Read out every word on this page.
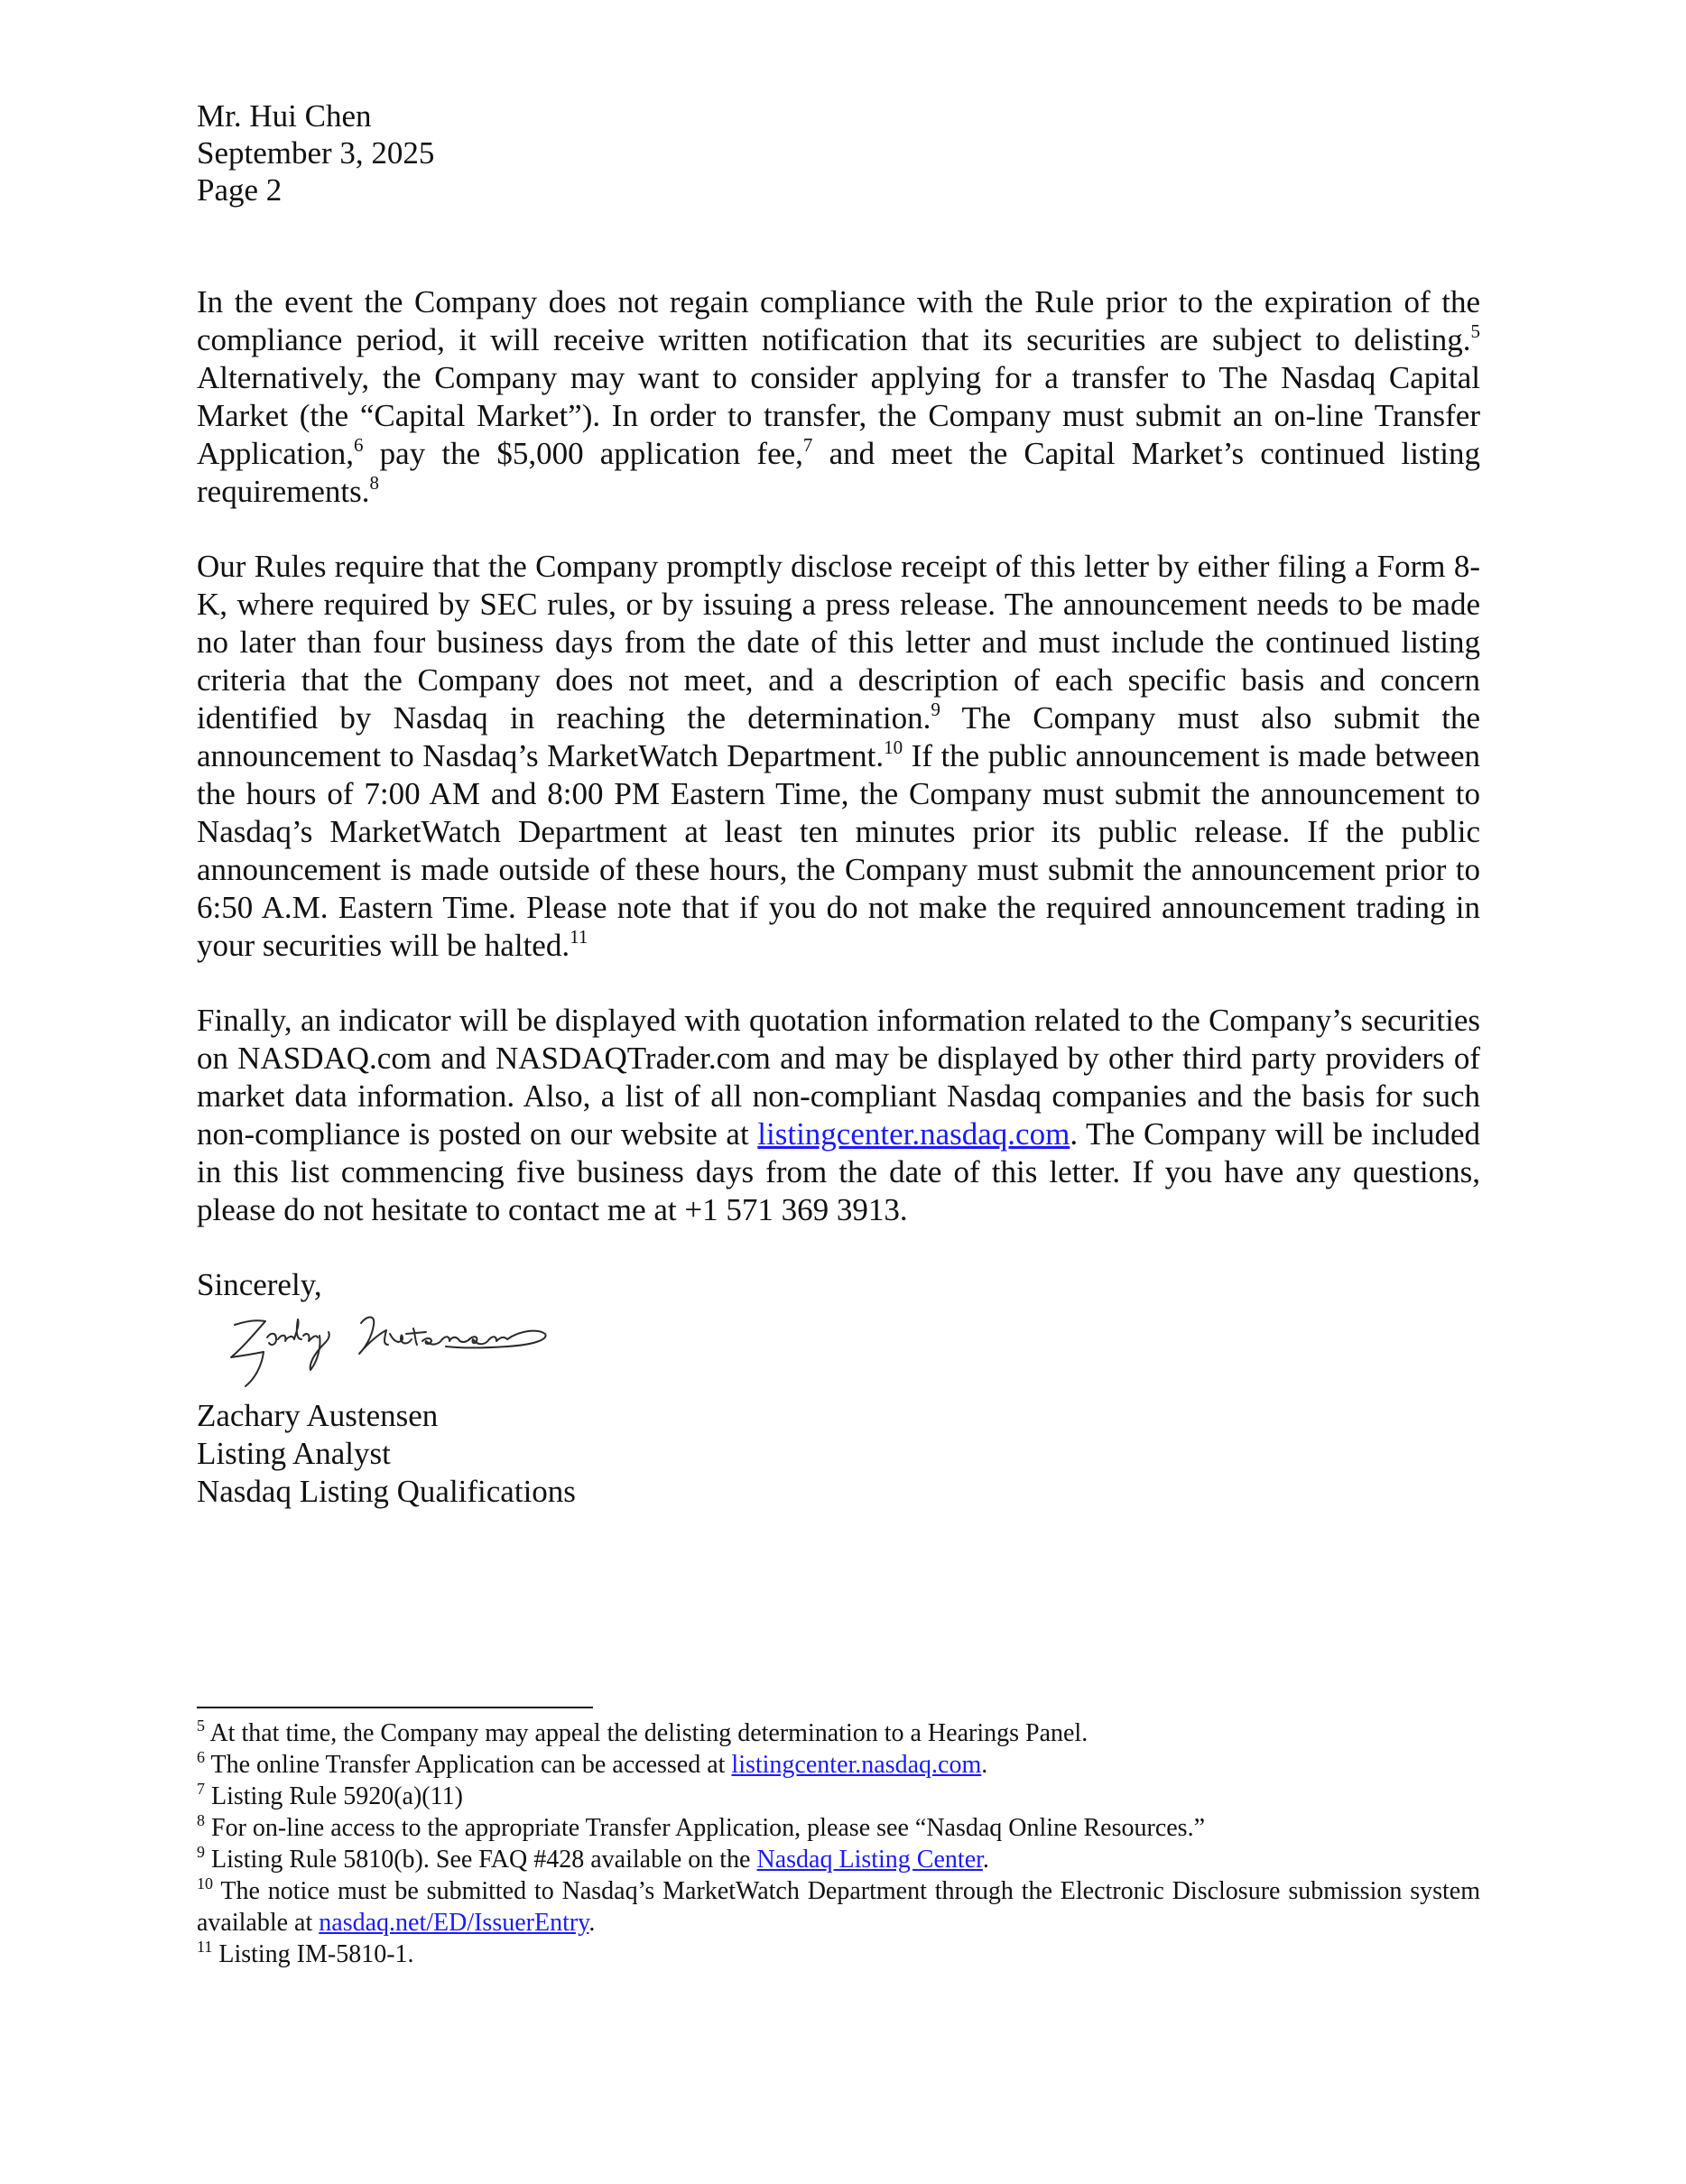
Mr. Hui Chen
September 3, 2025
Page 2
In the event the Company does not regain compliance with the Rule prior to the expiration of the compliance period, it will receive written notification that its securities are subject to delisting.$^5$ Alternatively, the Company may want to consider applying for a transfer to The Nasdaq Capital Market (the “Capital Market”). In order to transfer, the Company must submit an on-line Transfer Application,$^6$ pay the $5,000 application fee,$^7$ and meet the Capital Market’s continued listing requirements.$^8$
Our Rules require that the Company promptly disclose receipt of this letter by either filing a Form 8-K, where required by SEC rules, or by issuing a press release. The announcement needs to be made no later than four business days from the date of this letter and must include the continued listing criteria that the Company does not meet, and a description of each specific basis and concern identified by Nasdaq in reaching the determination.$^9$ The Company must also submit the announcement to Nasdaq’s MarketWatch Department.$^{10}$ If the public announcement is made between the hours of 7:00 AM and 8:00 PM Eastern Time, the Company must submit the announcement to Nasdaq’s MarketWatch Department at least ten minutes prior its public release. If the public announcement is made outside of these hours, the Company must submit the announcement prior to 6:50 A.M. Eastern Time. Please note that if you do not make the required announcement trading in your securities will be halted.$^{11}$
Finally, an indicator will be displayed with quotation information related to the Company’s securities on NASDAQ.com and NASDAQTrader.com and may be displayed by other third party providers of market data information. Also, a list of all non-compliant Nasdaq companies and the basis for such non-compliance is posted on our website at listingcenter.nasdaq.com. The Company will be included in this list commencing five business days from the date of this letter. If you have any questions, please do not hesitate to contact me at +1 571 369 3913.
Sincerely,
Zachary Austensen
Listing Analyst
Nasdaq Listing Qualifications
$^5$ At that time, the Company may appeal the delisting determination to a Hearings Panel.
$^6$ The online Transfer Application can be accessed at listingcenter.nasdaq.com.
$^7$ Listing Rule 5920(a)(11)
$^8$ For on-line access to the appropriate Transfer Application, please see “Nasdaq Online Resources.”
$^9$ Listing Rule 5810(b). See FAQ #428 available on the Nasdaq Listing Center.
$^{10}$ The notice must be submitted to Nasdaq’s MarketWatch Department through the Electronic Disclosure submission system available at nasdaq.net/ED/IssuerEntry.
$^{11}$ Listing IM-5810-1.
